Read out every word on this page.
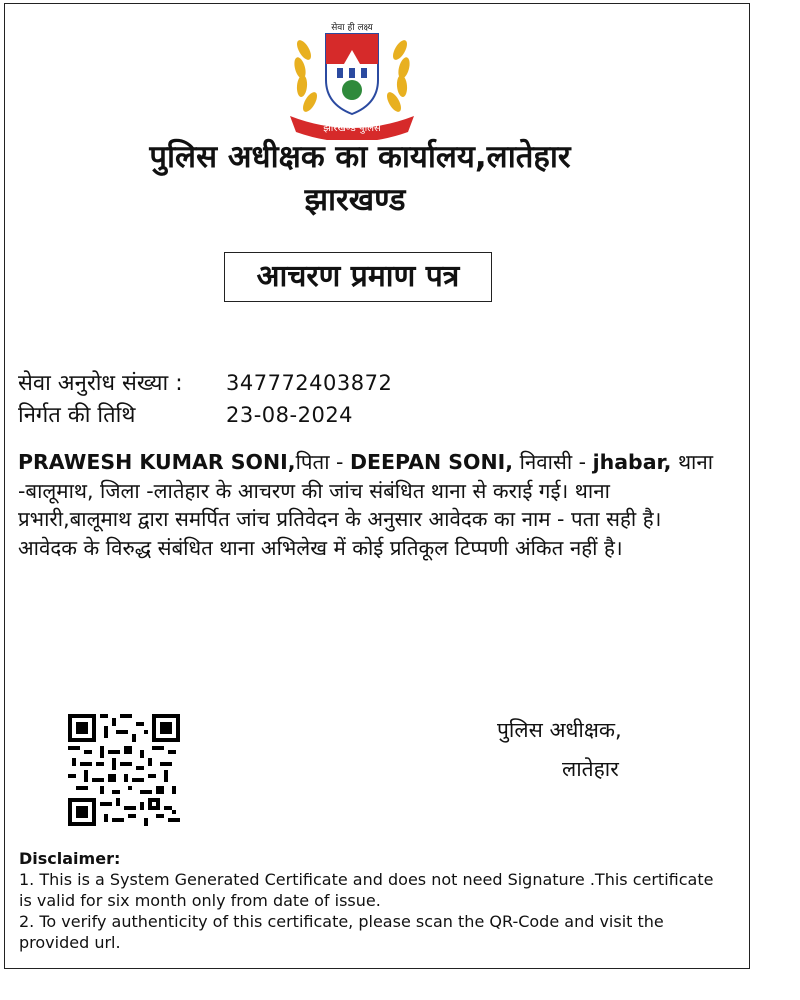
सेवा ही लक्ष्य
झारखण्ड पुलिस
पुलिस अधीक्षक का कार्यालय,लातेहार
झारखण्ड
आचरण प्रमाण पत्र
सेवा अनुरोध संख्या : 347772403872
निर्गत की तिथि	23-08-2024
PRAWESH KUMAR SONI,पिता - DEEPAN SONI, निवासी - jhabar, थाना -बालूमाथ, जिला -लातेहार के आचरण की जांच संबंधित थाना से कराई गई। थाना प्रभारी,बालूमाथ द्वारा समर्पित जांच प्रतिवेदन के अनुसार आवेदक का नाम - पता सही है। आवेदक के विरुद्ध संबंधित थाना अभिलेख में कोई प्रतिकूल टिप्पणी अंकित नहीं है।
पुलिस अधीक्षक,
लातेहार
Disclaimer:
1. This is a System Generated Certificate and does not need Signature .This certificate is valid for six month only from date of issue.
2. To verify authenticity of this certificate, please scan the QR-Code and visit the provided url.
